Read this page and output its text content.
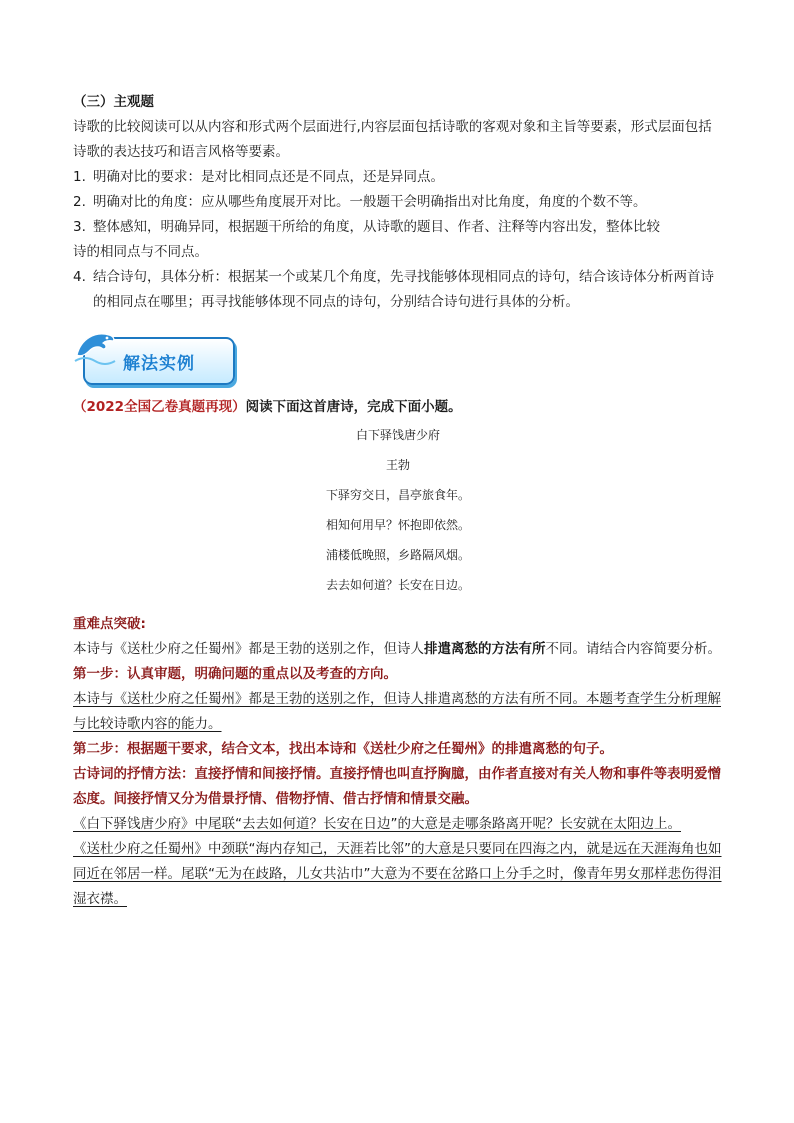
（三）主观题
诗歌的比较阅读可以从内容和形式两个层面进行,内容层面包括诗歌的客观对象和主旨等要素，形式层面包括诗歌的表达技巧和语言风格等要素。
1. 明确对比的要求：是对比相同点还是不同点，还是异同点。
2. 明确对比的角度：应从哪些角度展开对比。一般题干会明确指出对比角度，角度的个数不等。
3. 整体感知，明确异同，根据题干所给的角度，从诗歌的题目、作者、注释等内容出发，整体比较
诗的相同点与不同点。
4. 结合诗句，具体分析：根据某一个或某几个角度，先寻找能够体现相同点的诗句，结合该诗体分析两首诗的相同点在哪里；再寻找能够体现不同点的诗句，分别结合诗句进行具体的分析。
解法实例
（2022全国乙卷真题再现）阅读下面这首唐诗，完成下面小题。
白下驿饯唐少府
王勃
下驿穷交日，昌亭旅食年。
相知何用早？怀抱即依然。
浦楼低晚照，乡路隔风烟。
去去如何道？长安在日边。
重难点突破:
本诗与《送杜少府之任蜀州》都是王勃的送别之作，但诗人排遣离愁的方法有所不同。请结合内容简要分析。
第一步：认真审题，明确问题的重点以及考查的方向。
本诗与《送杜少府之任蜀州》都是王勃的送别之作，但诗人排遣离愁的方法有所不同。本题考查学生分析理解与比较诗歌内容的能力。
第二步：根据题干要求，结合文本，找出本诗和《送杜少府之任蜀州》的排遣离愁的句子。
古诗词的抒情方法：直接抒情和间接抒情。直接抒情也叫直抒胸臆，由作者直接对有关人物和事件等表明爱憎态度。间接抒情又分为借景抒情、借物抒情、借古抒情和情景交融。
《白下驿饯唐少府》中尾联“去去如何道？长安在日边”的大意是走哪条路离开呢？长安就在太阳边上。
《送杜少府之任蜀州》中颈联“海内存知己，天涯若比邻”的大意是只要同在四海之内，就是远在天涯海角也如同近在邻居一样。尾联“无为在歧路，儿女共沾巾”大意为不要在岔路口上分手之时，像青年男女那样悲伤得泪湿衣襟。
